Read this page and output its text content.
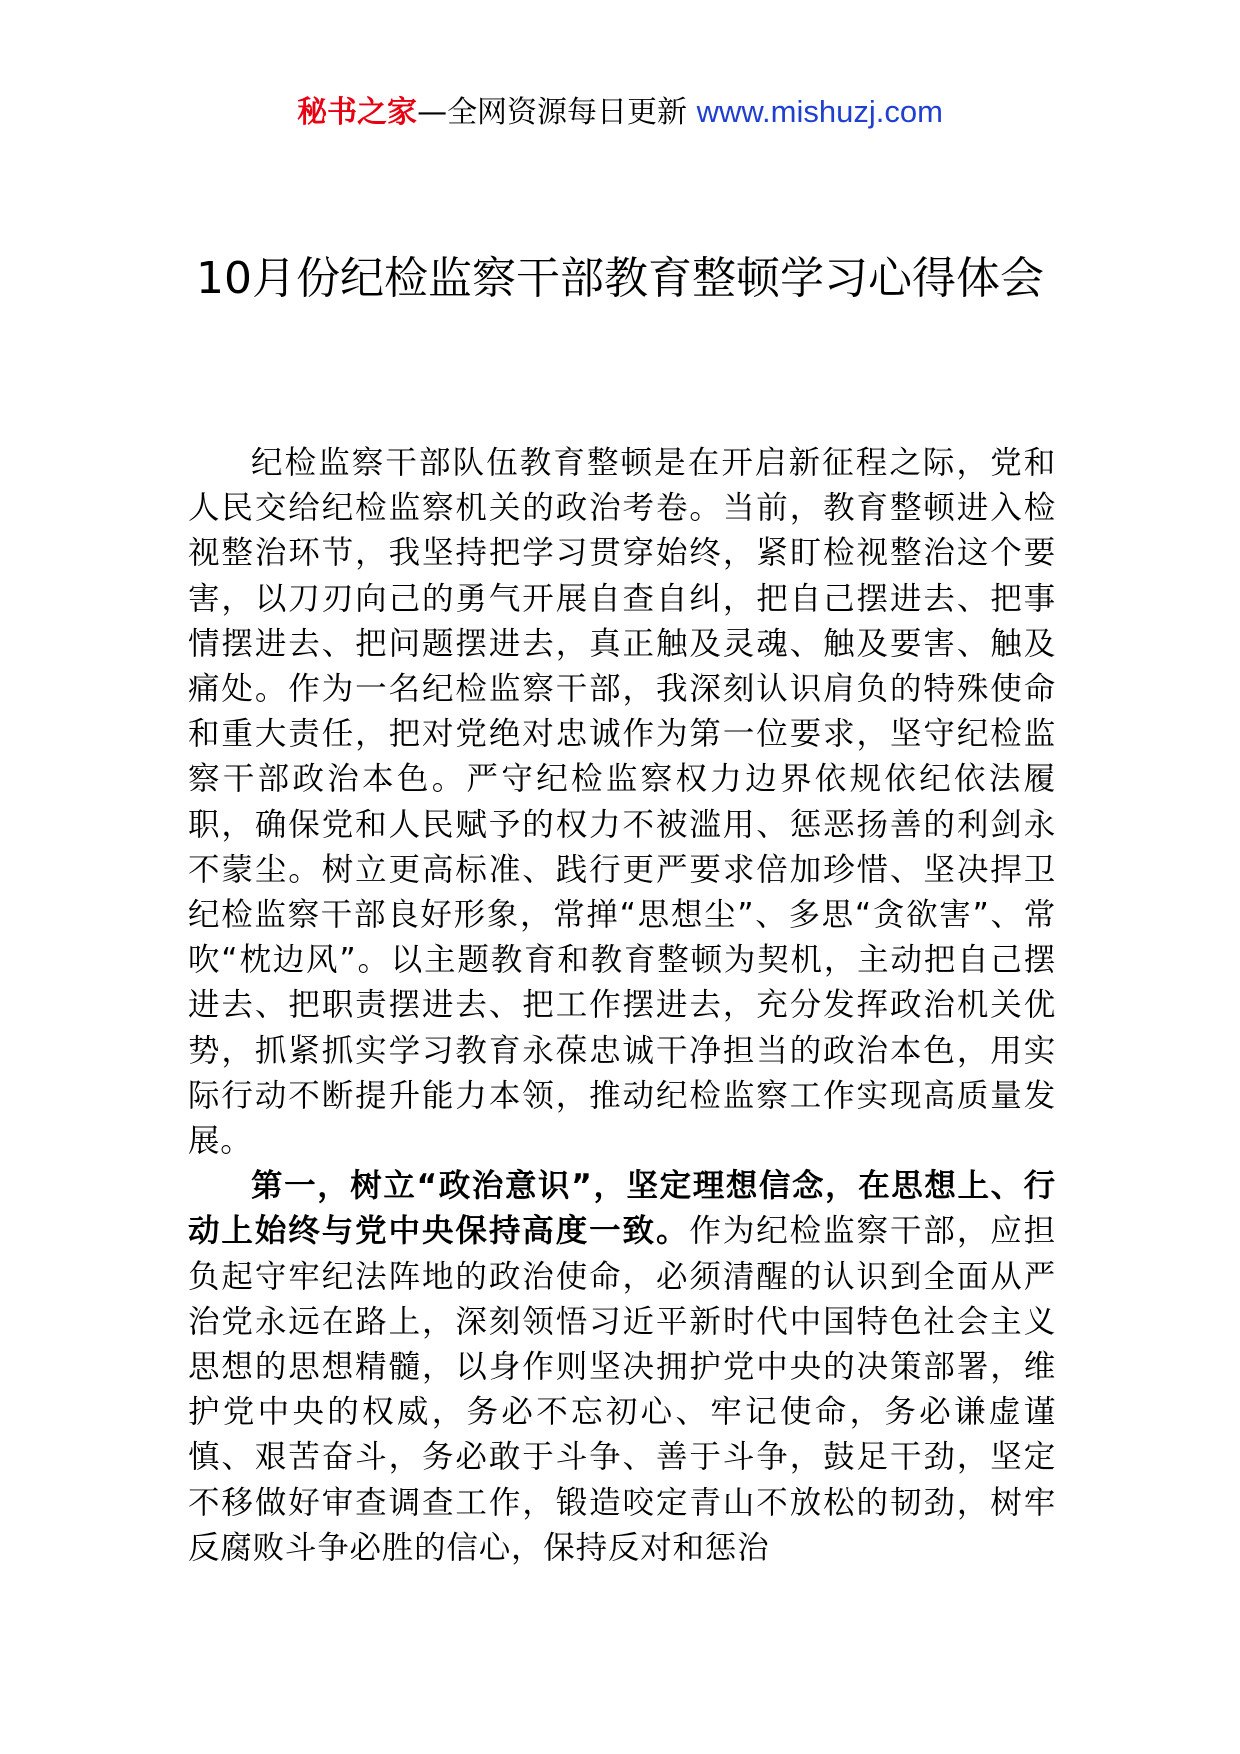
秘书之家—全网资源每日更新 www.mishuzj.com
10月份纪检监察干部教育整顿学习心得体会

纪检监察干部队伍教育整顿是在开启新征程之际，党和人民交给纪检监察机关的政治考卷。当前，教育整顿进入检视整治环节，我坚持把学习贯穿始终，紧盯检视整治这个要害，以刀刃向己的勇气开展自查自纠，把自己摆进去、把事情摆进去、把问题摆进去，真正触及灵魂、触及要害、触及痛处。作为一名纪检监察干部，我深刻认识肩负的特殊使命和重大责任，把对党绝对忠诚作为第一位要求，坚守纪检监察干部政治本色。严守纪检监察权力边界依规依纪依法履职，确保党和人民赋予的权力不被滥用、惩恶扬善的利剑永不蒙尘。树立更高标准、践行更严要求倍加珍惜、坚决捍卫纪检监察干部良好形象，常掸“思想尘”、多思“贪欲害”、常吹“枕边风”。以主题教育和教育整顿为契机，主动把自己摆进去、把职责摆进去、把工作摆进去，充分发挥政治机关优势，抓紧抓实学习教育永葆忠诚干净担当的政治本色，用实际行动不断提升能力本领，推动纪检监察工作实现高质量发展。

第一，树立“政治意识”，坚定理想信念，在思想上、行动上始终与党中央保持高度一致。作为纪检监察干部，应担负起守牢纪法阵地的政治使命，必须清醒的认识到全面从严治党永远在路上，深刻领悟习近平新时代中国特色社会主义思想的思想精髓，以身作则坚决拥护党中央的决策部署，维护党中央的权威，务必不忘初心、牢记使命，务必谦虚谨慎、艰苦奋斗，务必敢于斗争、善于斗争，鼓足干劲，坚定不移做好审查调查工作，锻造咬定青山不放松的韧劲，树牢反腐败斗争必胜的信心，保持反对和惩治
